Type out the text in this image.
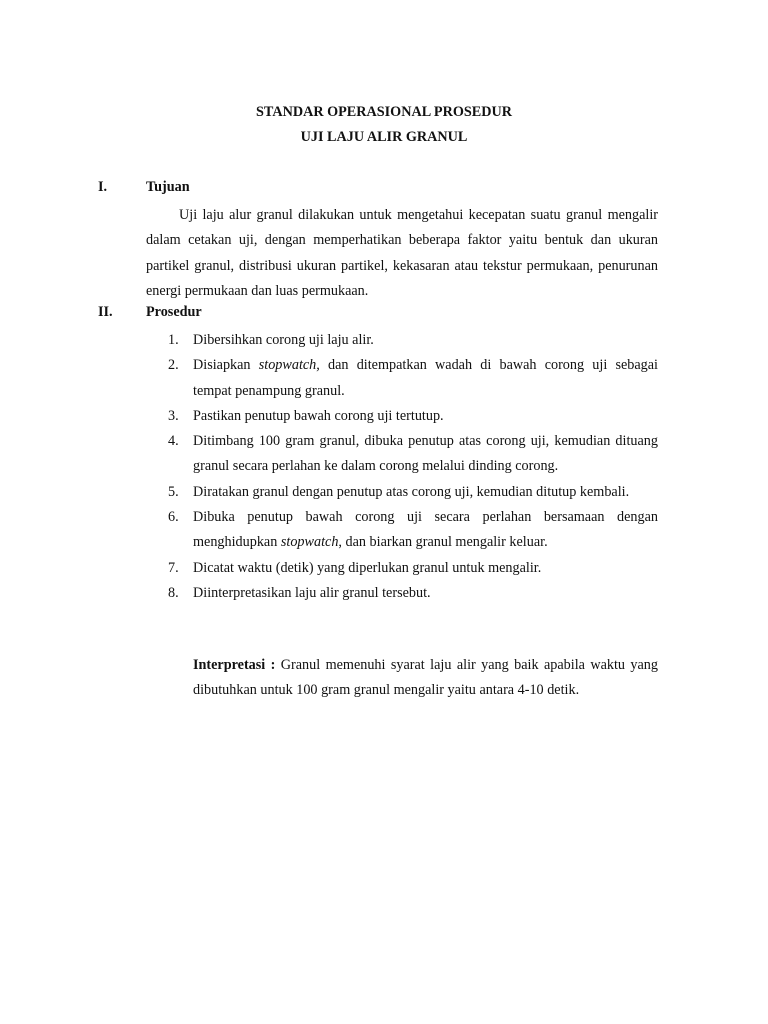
STANDAR OPERASIONAL PROSEDUR
UJI LAJU ALIR GRANUL
I.	Tujuan

Uji laju alur granul dilakukan untuk mengetahui kecepatan suatu granul mengalir dalam cetakan uji, dengan memperhatikan beberapa faktor yaitu bentuk dan ukuran partikel granul, distribusi ukuran partikel, kekasaran atau tekstur permukaan, penurunan energi permukaan dan luas permukaan.

II. Prosedur
1. Dibersihkan corong uji laju alir.
2. Disiapkan stopwatch, dan ditempatkan wadah di bawah corong uji sebagai tempat penampung granul.
3. Pastikan penutup bawah corong uji tertutup.
4. Ditimbang 100 gram granul, dibuka penutup atas corong uji, kemudian dituang granul secara perlahan ke dalam corong melalui dinding corong.
5. Diratakan granul dengan penutup atas corong uji, kemudian ditutup kembali.
6. Dibuka penutup bawah corong uji secara perlahan bersamaan dengan menghidupkan stopwatch, dan biarkan granul mengalir keluar.
7. Dicatat waktu (detik) yang diperlukan granul untuk mengalir.
8. Diinterpretasikan laju alir granul tersebut.

Interpretasi : Granul memenuhi syarat laju alir yang baik apabila waktu yang dibutuhkan untuk 100 gram granul mengalir yaitu antara 4-10 detik.
